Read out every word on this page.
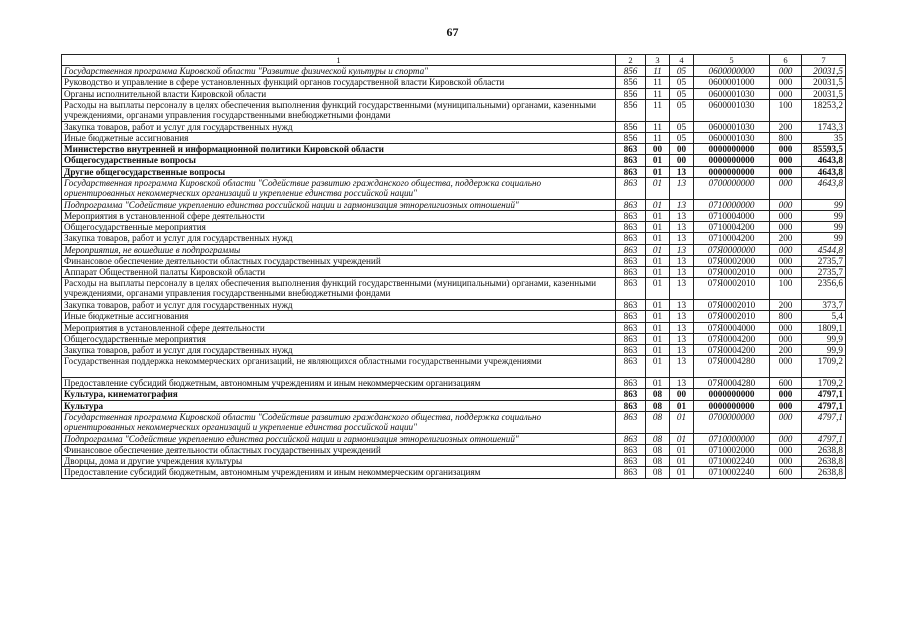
67
1	2	3	4	5	6	7
Государственная программа Кировской области "Развитие физической культуры и спорта"	856	11	05	0600000000	000	20031,5
Руководство и управление в сфере установленных функций органов государственной власти Кировской области	856	11	05	0600001000	000	20031,5
Органы исполнительной власти Кировской области	856	11	05	0600001030	000	20031,5
Расходы на выплаты персоналу в целях обеспечения выполнения функций государственными (муниципальными) органами, казенными учреждениями, органами управления государственными внебюджетными фондами	856	11	05	0600001030	100	18253,2
Закупка товаров, работ и услуг для государственных нужд	856	11	05	0600001030	200	1743,3
Иные бюджетные ассигнования	856	11	05	0600001030	800	35
Министерство внутренней и информационной политики Кировской области	863	00	00	0000000000	000	85593,5
Общегосударственные вопросы	863	01	00	0000000000	000	4643,8
Другие общегосударственные вопросы	863	01	13	0000000000	000	4643,8
Государственная программа Кировской области "Содействие развитию гражданского общества, поддержка социально ориентированных некоммерческих организаций и укрепление единства российской нации"	863	01	13	0700000000	000	4643,8
Подпрограмма "Содействие укреплению единства российской нации и гармонизация этнорелигиозных отношений"	863	01	13	0710000000	000	99
Мероприятия в установленной сфере деятельности	863	01	13	0710004000	000	99
Общегосударственные мероприятия	863	01	13	0710004200	000	99
Закупка товаров, работ и услуг для государственных нужд	863	01	13	0710004200	200	99
Мероприятия, не вошедшие в подпрограммы	863	01	13	07Я0000000	000	4544,8
Финансовое обеспечение деятельности областных государственных учреждений	863	01	13	07Я0002000	000	2735,7
Аппарат Общественной палаты Кировской области	863	01	13	07Я0002010	000	2735,7
Расходы на выплаты персоналу в целях обеспечения выполнения функций государственными (муниципальными) органами, казенными учреждениями, органами управления государственными внебюджетными фондами	863	01	13	07Я0002010	100	2356,6
Закупка товаров, работ и услуг для государственных нужд	863	01	13	07Я0002010	200	373,7
Иные бюджетные ассигнования	863	01	13	07Я0002010	800	5,4
Мероприятия в установленной сфере деятельности	863	01	13	07Я0004000	000	1809,1
Общегосударственные мероприятия	863	01	13	07Я0004200	000	99,9
Закупка товаров, работ и услуг для государственных нужд	863	01	13	07Я0004200	200	99,9
Государственная поддержка некоммерческих организаций, не являющихся областными государственными учреждениями	863	01	13	07Я0004280	000	1709,2
Предоставление субсидий бюджетным, автономным учреждениям и иным некоммерческим организациям	863	01	13	07Я0004280	600	1709,2
Культура, кинематография	863	08	00	0000000000	000	4797,1
Культура	863	08	01	0000000000	000	4797,1
Государственная программа Кировской области "Содействие развитию гражданского общества, поддержка социально ориентированных некоммерческих организаций и укрепление единства российской нации"	863	08	01	0700000000	000	4797,1
Подпрограмма "Содействие укреплению единства российской нации и гармонизация этнорелигиозных отношений"	863	08	01	0710000000	000	4797,1
Финансовое обеспечение деятельности областных государственных учреждений	863	08	01	0710002000	000	2638,8
Дворцы, дома и другие учреждения культуры	863	08	01	0710002240	000	2638,8
Предоставление субсидий бюджетным, автономным учреждениям и иным некоммерческим организациям	863	08	01	0710002240	600	2638,8
